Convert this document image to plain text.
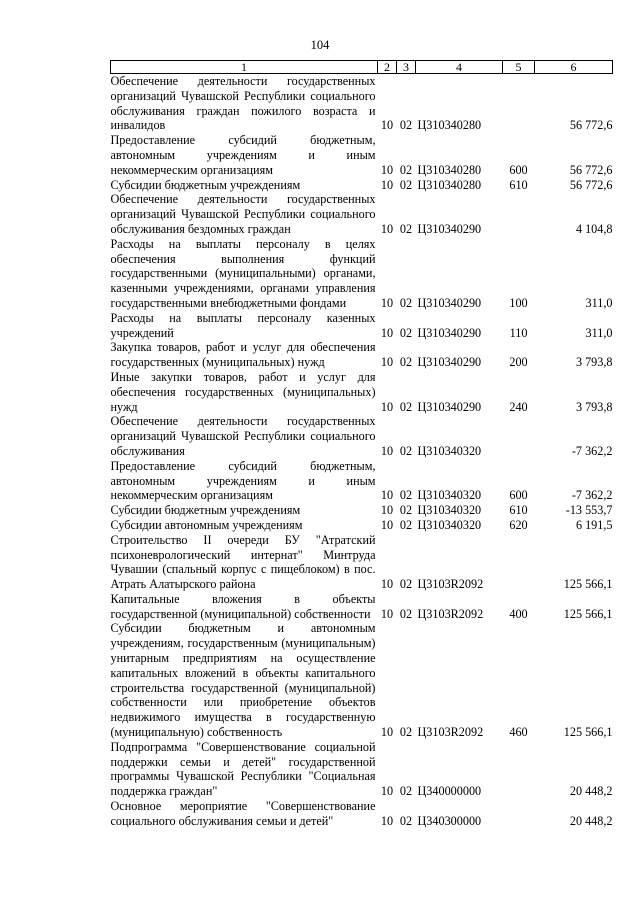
104
1	2	3	4	5	6
Обеспечение деятельности государственных организаций Чувашской Республики социального обслуживания граждан пожилого возраста и инвалидов	10	02	Ц310340280		56 772,6
Предоставление субсидий бюджетным, автономным учреждениям и иным некоммерческим организациям	10	02	Ц310340280	600	56 772,6
Субсидии бюджетным учреждениям	10	02	Ц310340280	610	56 772,6
Обеспечение деятельности государственных организаций Чувашской Республики социального обслуживания бездомных граждан	10	02	Ц310340290		4 104,8
Расходы на выплаты персоналу в целях обеспечения выполнения функций государственными (муниципальными) органами, казенными учреждениями, органами управления государственными внебюджетными фондами	10	02	Ц310340290	100	311,0
Расходы на выплаты персоналу казенных учреждений	10	02	Ц310340290	110	311,0
Закупка товаров, работ и услуг для обеспечения государственных (муниципальных) нужд	10	02	Ц310340290	200	3 793,8
Иные закупки товаров, работ и услуг для обеспечения государственных (муниципальных) нужд	10	02	Ц310340290	240	3 793,8
Обеспечение деятельности государственных организаций Чувашской Республики социального обслуживания	10	02	Ц310340320		-7 362,2
Предоставление субсидий бюджетным, автономным учреждениям и иным некоммерческим организациям	10	02	Ц310340320	600	-7 362,2
Субсидии бюджетным учреждениям	10	02	Ц310340320	610	-13 553,7
Субсидии автономным учреждениям	10	02	Ц310340320	620	6 191,5
Строительство II очереди БУ "Атратский психоневрологический интернат" Минтруда Чувашии (спальный корпус с пищеблоком) в пос. Атрать Алатырского района	10	02	Ц3103R2092		125 566,1
Капитальные вложения в объекты государственной (муниципальной) собственности	10	02	Ц3103R2092	400	125 566,1
Субсидии бюджетным и автономным учреждениям, государственным (муниципальным) унитарным предприятиям на осуществление капитальных вложений в объекты капитального строительства государственной (муниципальной) собственности или приобретение объектов недвижимого имущества в государственную (муниципальную) собственность	10	02	Ц3103R2092	460	125 566,1
Подпрограмма "Совершенствование социальной поддержки семьи и детей" государственной программы Чувашской Республики "Социальная поддержка граждан"	10	02	Ц340000000		20 448,2
Основное мероприятие "Совершенствование социального обслуживания семьи и детей"	10	02	Ц340300000		20 448,2
